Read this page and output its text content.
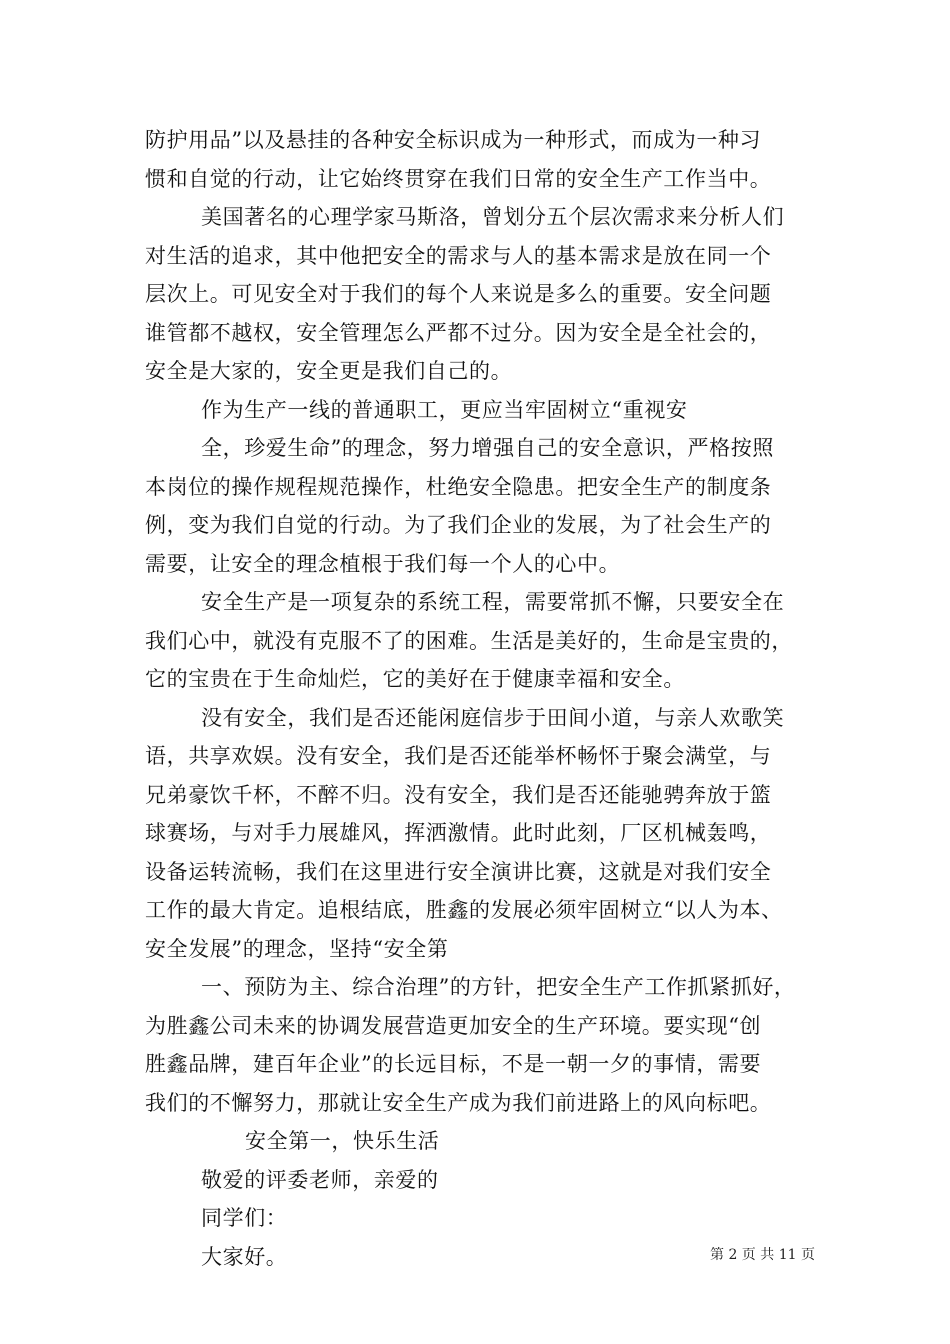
防护用品”以及悬挂的各种安全标识成为一种形式，而成为一种习
惯和自觉的行动，让它始终贯穿在我们日常的安全生产工作当中。
美国著名的心理学家马斯洛，曾划分五个层次需求来分析人们
对生活的追求，其中他把安全的需求与人的基本需求是放在同一个
层次上。可见安全对于我们的每个人来说是多么的重要。安全问题
谁管都不越权，安全管理怎么严都不过分。因为安全是全社会的，
安全是大家的，安全更是我们自己的。
作为生产一线的普通职工，更应当牢固树立“重视安
全，珍爱生命”的理念，努力增强自己的安全意识，严格按照
本岗位的操作规程规范操作，杜绝安全隐患。把安全生产的制度条
例，变为我们自觉的行动。为了我们企业的发展，为了社会生产的
需要，让安全的理念植根于我们每一个人的心中。
安全生产是一项复杂的系统工程，需要常抓不懈，只要安全在
我们心中，就没有克服不了的困难。生活是美好的，生命是宝贵的，
它的宝贵在于生命灿烂，它的美好在于健康幸福和安全。
没有安全，我们是否还能闲庭信步于田间小道，与亲人欢歌笑
语，共享欢娱。没有安全，我们是否还能举杯畅怀于聚会满堂，与
兄弟豪饮千杯，不醉不归。没有安全，我们是否还能驰骋奔放于篮
球赛场，与对手力展雄风，挥洒激情。此时此刻，厂区机械轰鸣，
设备运转流畅，我们在这里进行安全演讲比赛，这就是对我们安全
工作的最大肯定。追根结底，胜鑫的发展必须牢固树立“以人为本、
安全发展”的理念，坚持“安全第
一、预防为主、综合治理”的方针，把安全生产工作抓紧抓好，
为胜鑫公司未来的协调发展营造更加安全的生产环境。要实现“创
胜鑫品牌，建百年企业”的长远目标，不是一朝一夕的事情，需要
我们的不懈努力，那就让安全生产成为我们前进路上的风向标吧。
安全第一，快乐生活
敬爱的评委老师，亲爱的
同学们：
大家好。	第 2 页 共 11 页
